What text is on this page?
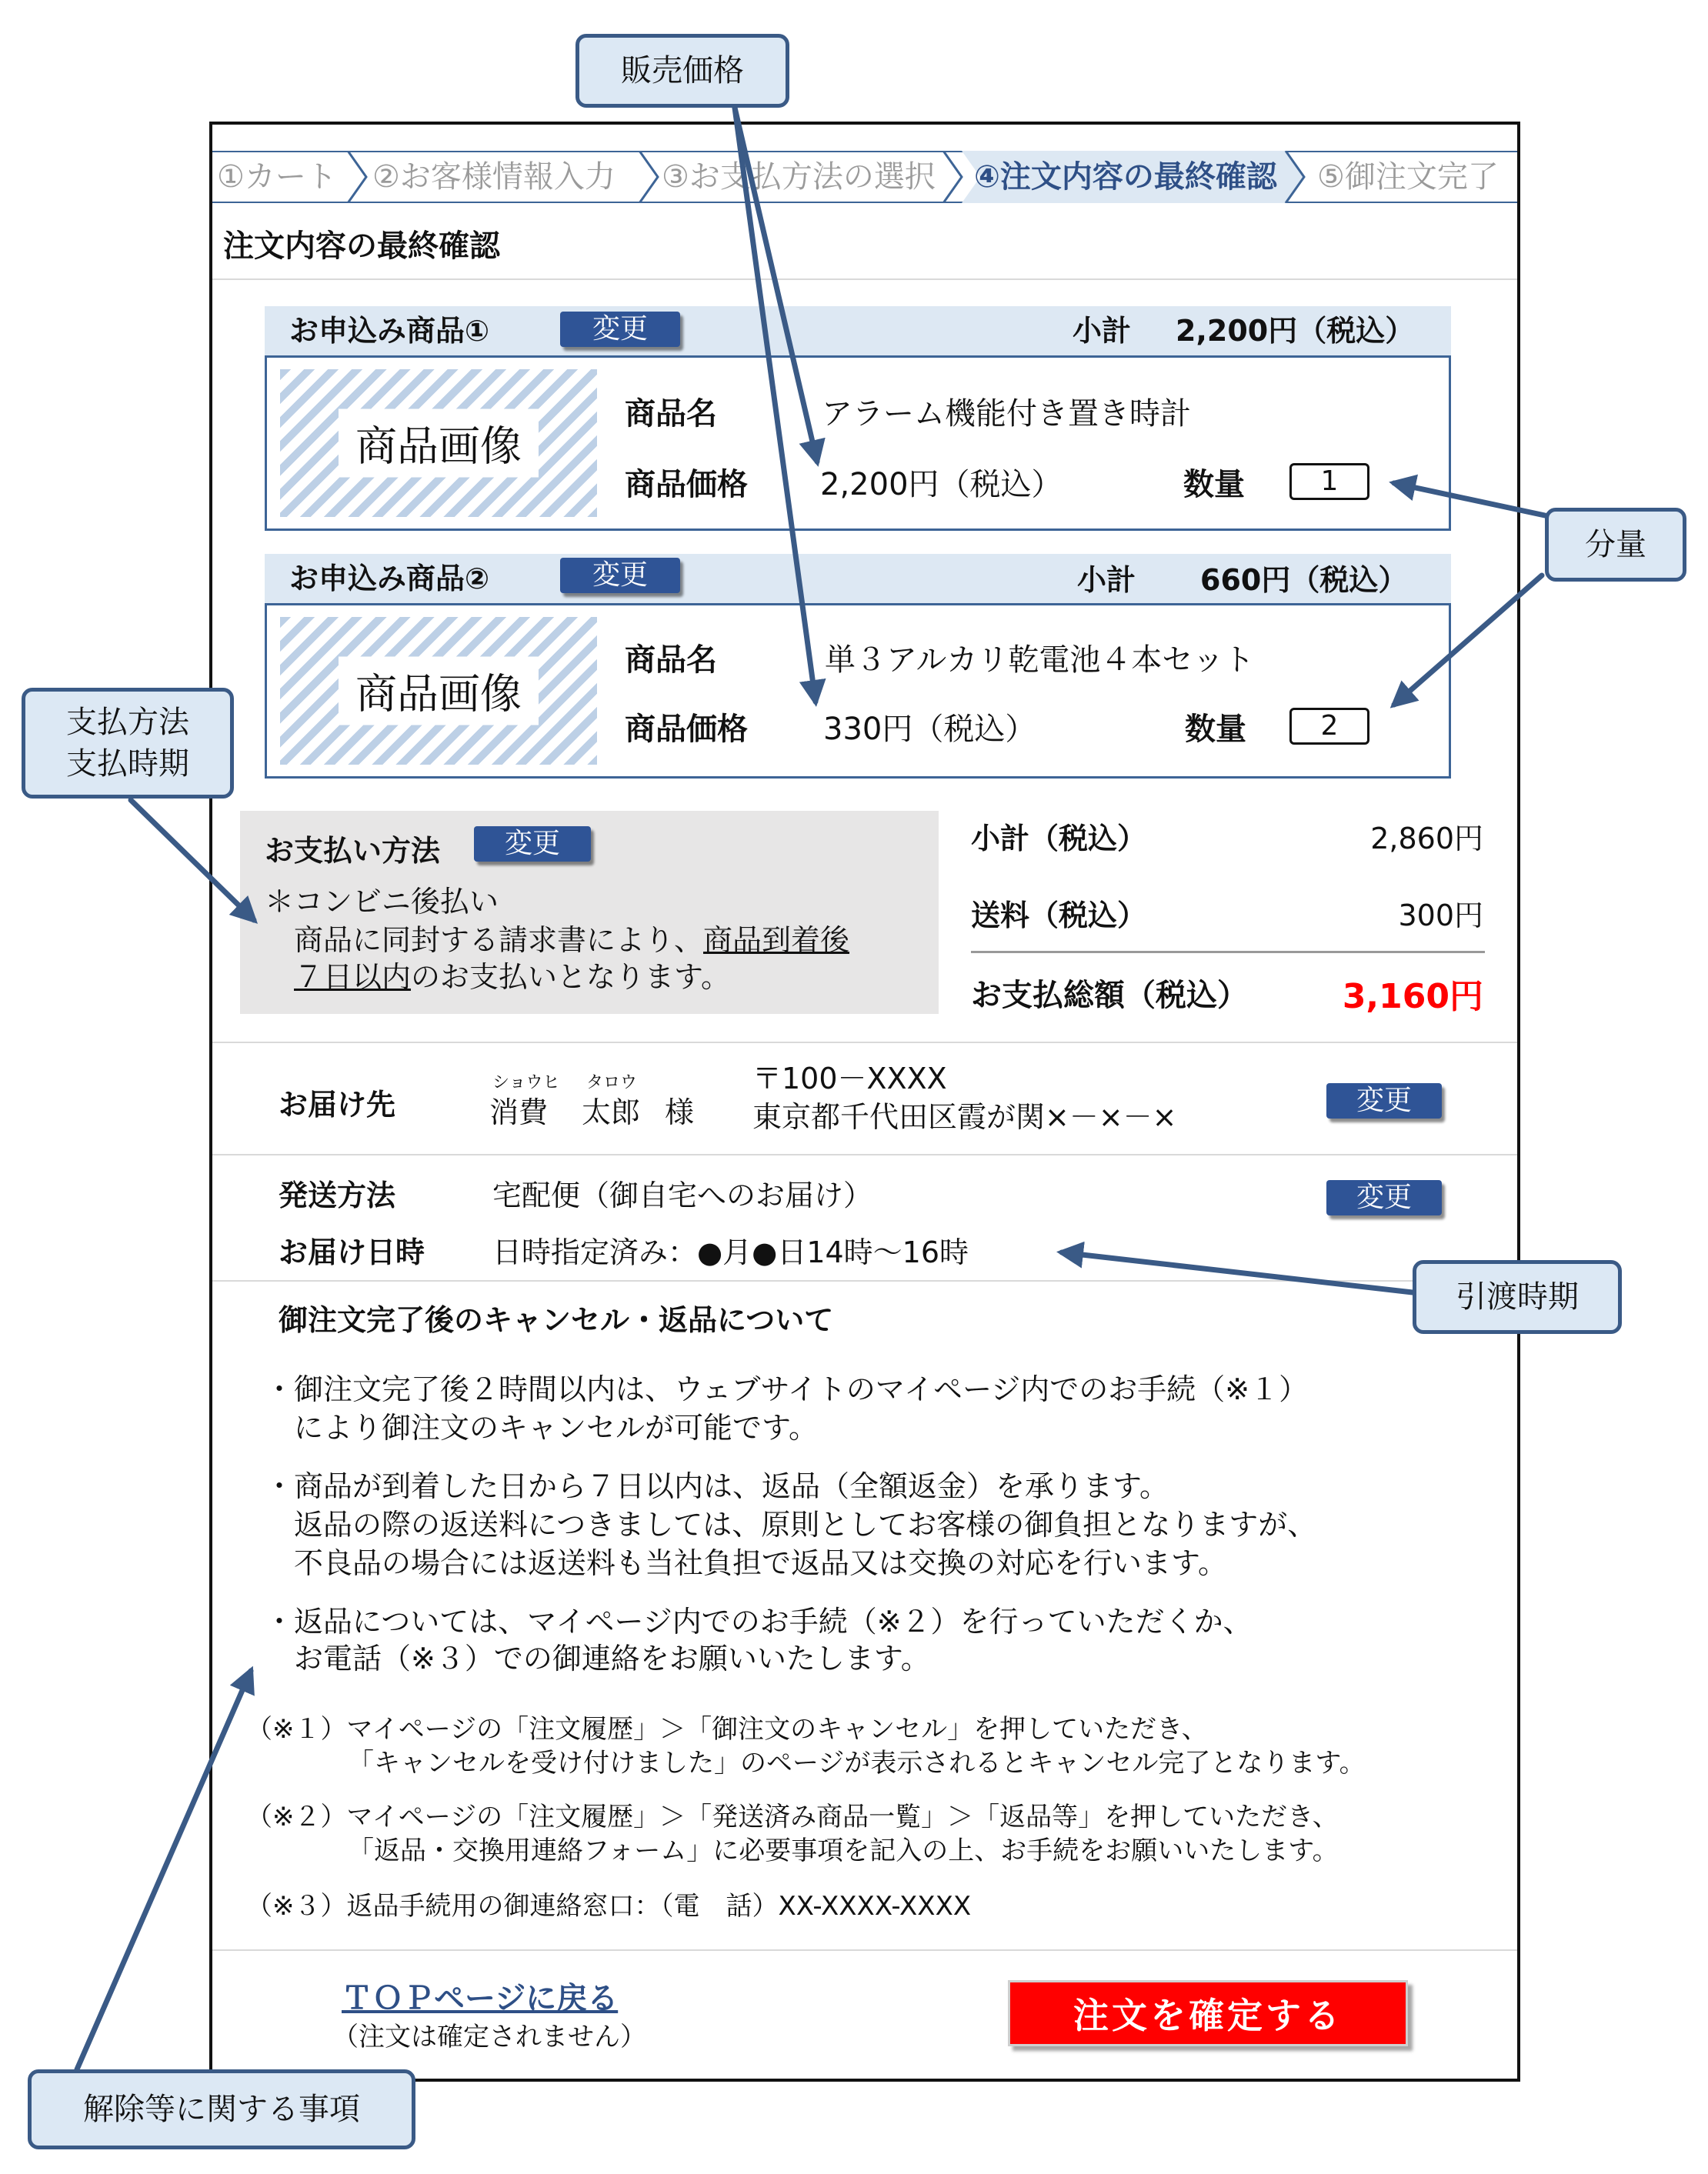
①カート ②お客様情報入力 ③お支払方法の選択 ④注文内容の最終確認 ⑤御注文完了
注文内容の最終確認
お申込み商品①	変更	小計 2,200円（税込）
商品画像
商品名	アラーム機能付き置き時計
商品価格 2,200円（税込）	数量	1
お申込み商品②	変更	小計 660円（税込）
商品画像
商品名	単３アルカリ乾電池４本セット
商品価格 330円（税込）	数量	2
お支払い方法	変更
＊コンビニ後払い
商品に同封する請求書により、商品到着後
７日以内のお支払いとなります。
小計（税込）	2,860円
送料（税込）	300円
お支払総額（税込）	3,160円
お届け先
ショウヒ タロウ
消費 太郎 様
〒100－XXXX
東京都千代田区霞が関×－×－×	変更
発送方法	宅配便（御自宅へのお届け）	変更
お届け日時 日時指定済み：●月●日14時～16時
御注文完了後のキャンセル・返品について
・御注文完了後２時間以内は、ウェブサイトのマイページ内でのお手続（※１）
により御注文のキャンセルが可能です。
・商品が到着した日から７日以内は、返品（全額返金）を承ります。
返品の際の返送料につきましては、原則としてお客様の御負担となりますが、
不良品の場合には返送料も当社負担で返品又は交換の対応を行います。
・返品については、マイページ内でのお手続（※２）を行っていただくか、
お電話（※３）での御連絡をお願いいたします。
（※１）マイページの「注文履歴」＞「御注文のキャンセル」を押していただき、
「キャンセルを受け付けました」のページが表示されるとキャンセル完了となります。
（※２）マイページの「注文履歴」＞「発送済み商品一覧」＞「返品等」を押していただき、
「返品・交換用連絡フォーム」に必要事項を記入の上、お手続をお願いいたします。
（※３）返品手続用の御連絡窓口：（電　話）XX-XXXX-XXXX
ＴＯＰページに戻る
（注文は確定されません）
注文を確定する
販売価格
分量
支払方法
支払時期
引渡時期
解除等に関する事項
